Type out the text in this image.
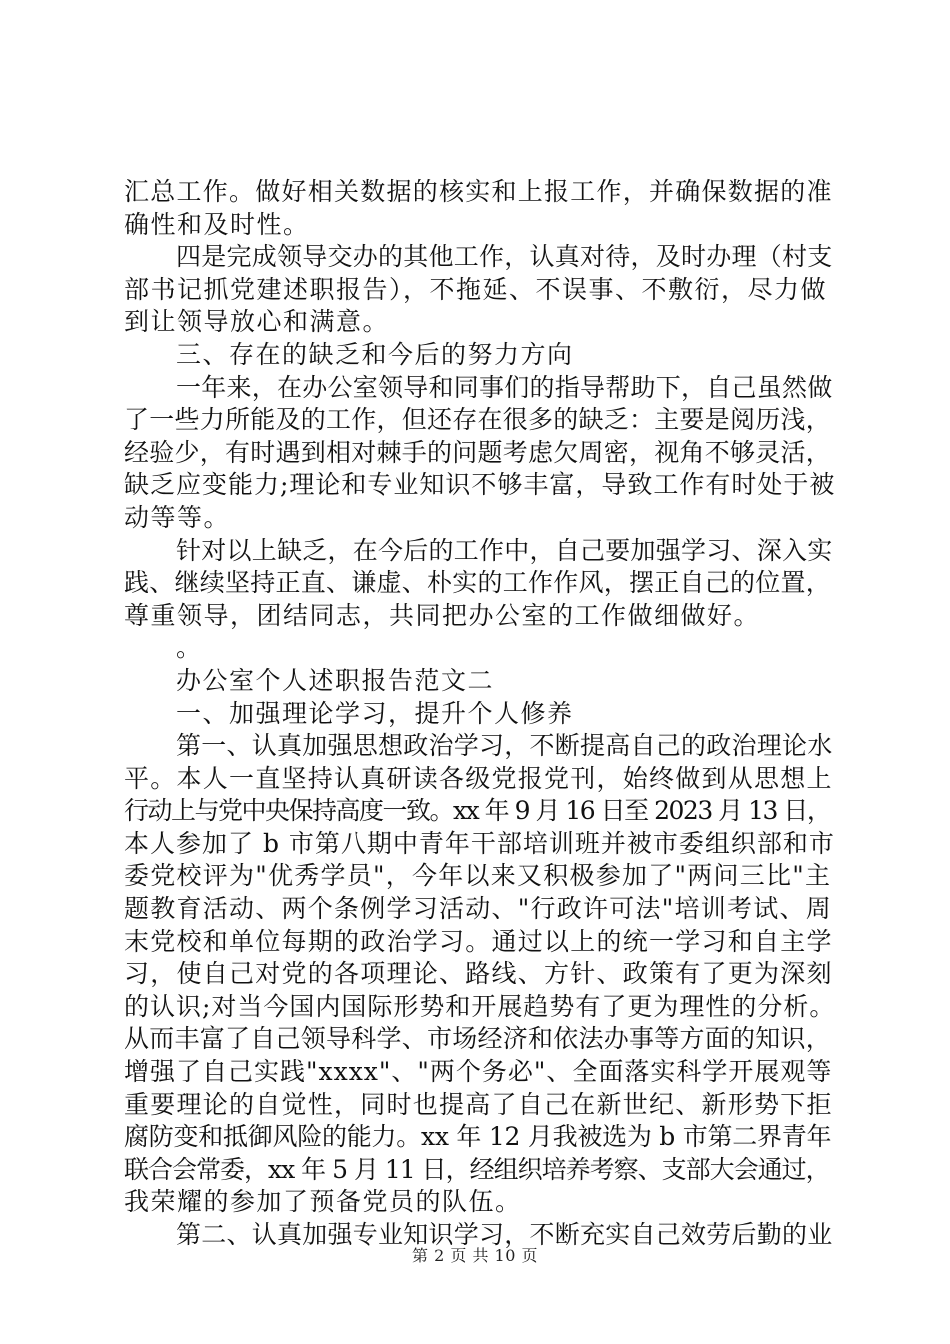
汇总工作。做好相关数据的核实和上报工作，并确保数据的准
确性和及时性。
四是完成领导交办的其他工作，认真对待，及时办理（村支
部书记抓党建述职报告），不拖延、不误事、不敷衍，尽力做
到让领导放心和满意。
三、存在的缺乏和今后的努力方向
一年来，在办公室领导和同事们的指导帮助下，自己虽然做
了一些力所能及的工作，但还存在很多的缺乏：主要是阅历浅，
经验少，有时遇到相对棘手的问题考虑欠周密，视角不够灵活，
缺乏应变能力;理论和专业知识不够丰富，导致工作有时处于被
动等等。
针对以上缺乏，在今后的工作中，自己要加强学习、深入实
践、继续坚持正直、谦虚、朴实的工作作风，摆正自己的位置，
尊重领导，团结同志，共同把办公室的工作做细做好。
。
办公室个人述职报告范文二
一、加强理论学习，提升个人修养
第一、认真加强思想政治学习，不断提高自己的政治理论水
平。本人一直坚持认真研读各级党报党刊，始终做到从思想上
行动上与党中央保持高度一致。xx 年 9 月 16 日至 2023 月 13 日，
本人参加了 b 市第八期中青年干部培训班并被市委组织部和市
委党校评为"优秀学员"，今年以来又积极参加了"两问三比"主
题教育活动、两个条例学习活动、"行政许可法"培训考试、周
末党校和单位每期的政治学习。通过以上的统一学习和自主学
习，使自己对党的各项理论、路线、方针、政策有了更为深刻
的认识;对当今国内国际形势和开展趋势有了更为理性的分析。
从而丰富了自己领导科学、市场经济和依法办事等方面的知识，
增强了自己实践"xxxx"、"两个务必"、全面落实科学开展观等
重要理论的自觉性，同时也提高了自己在新世纪、新形势下拒
腐防变和抵御风险的能力。xx 年 12 月我被选为 b 市第二界青年
联合会常委，xx 年 5 月 11 日，经组织培养考察、支部大会通过，
我荣耀的参加了预备党员的队伍。
第二、认真加强专业知识学习，不断充实自己效劳后勤的业
第 2 页 共 10 页
